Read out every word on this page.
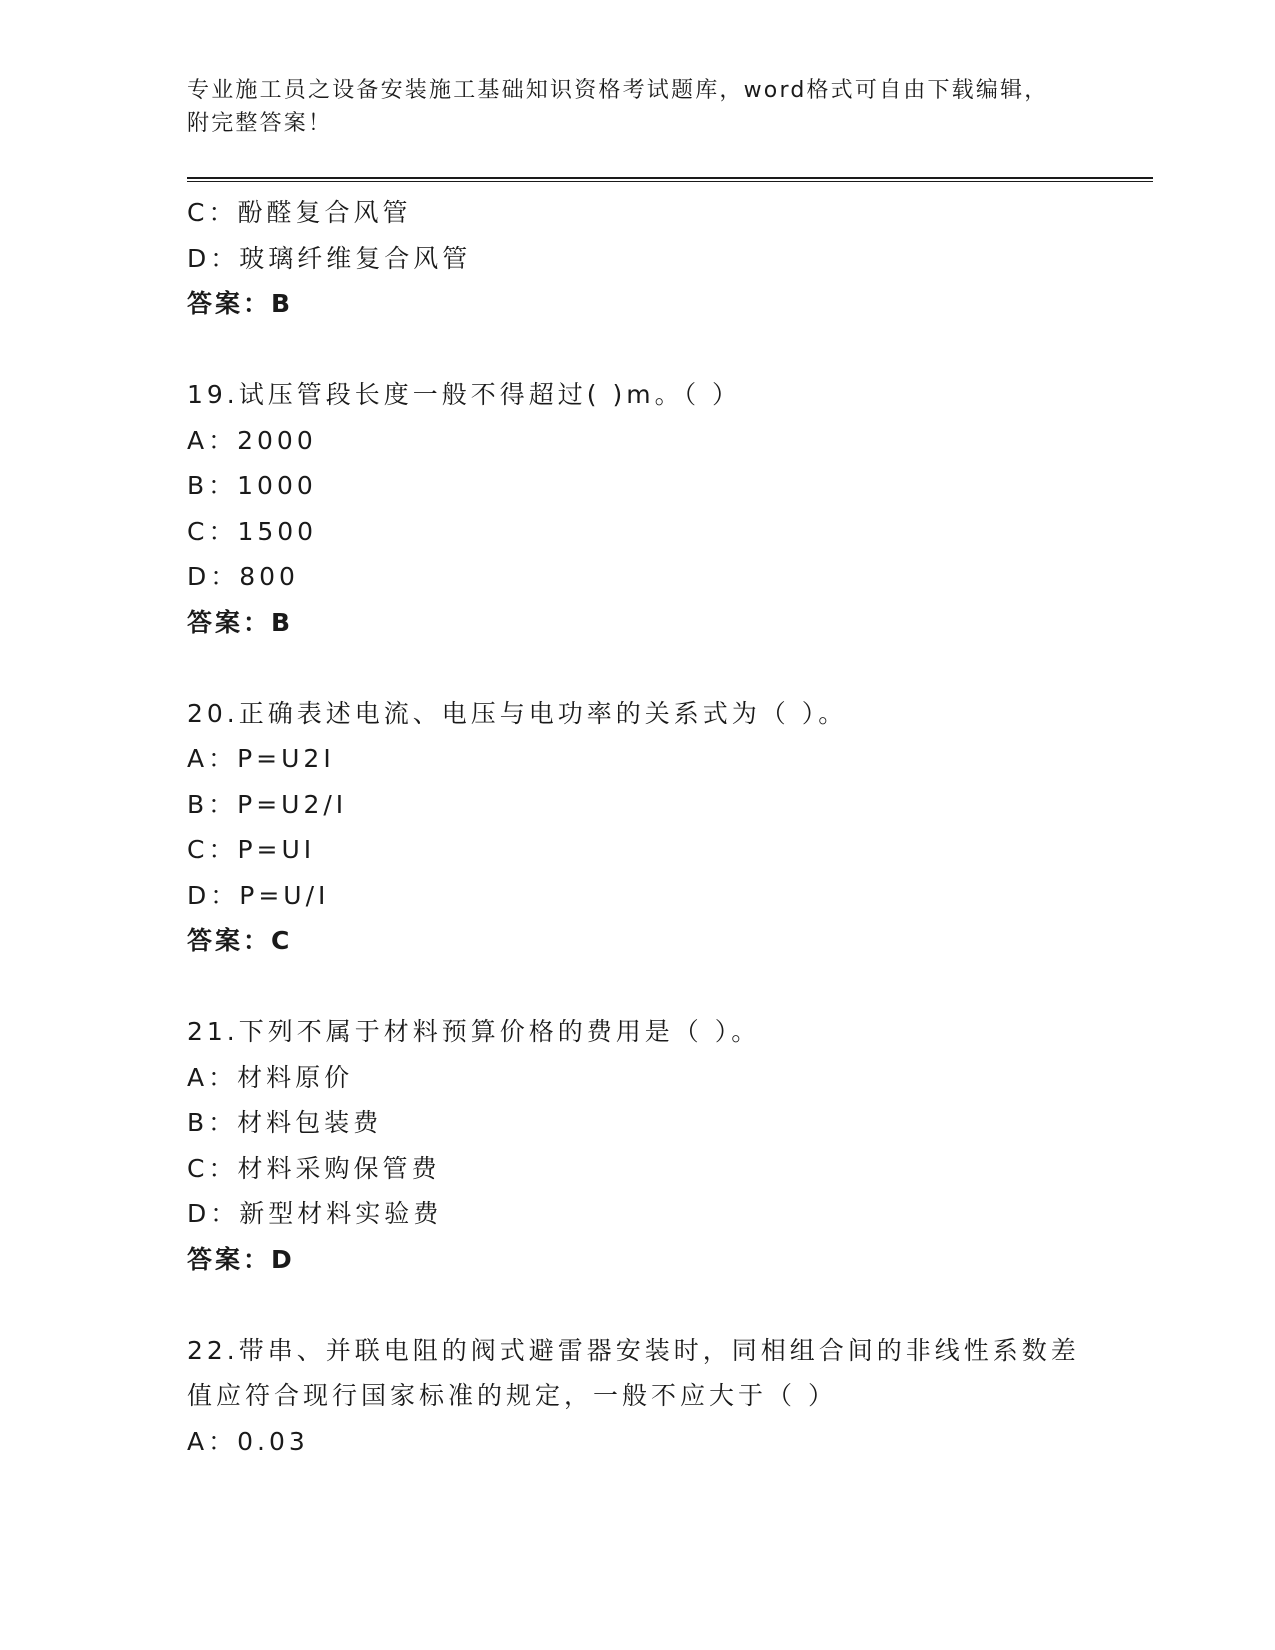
专业施工员之设备安装施工基础知识资格考试题库，word格式可自由下载编辑，
附完整答案！
C：酚醛复合风管
D：玻璃纤维复合风管
答案：B
19.试压管段长度一般不得超过( )m。（ ）
A：2000
B：1000
C：1500
D：800
答案：B
20.正确表述电流、电压与电功率的关系式为（ ）。
A：P=U2I
B：P=U2/I
C：P=UI
D：P=U/I
答案：C
21.下列不属于材料预算价格的费用是（ ）。
A：材料原价
B：材料包装费
C：材料采购保管费
D：新型材料实验费
答案：D
22.带串、并联电阻的阀式避雷器安装时，同相组合间的非线性系数差
值应符合现行国家标准的规定，一般不应大于（ ）
A：0.03
